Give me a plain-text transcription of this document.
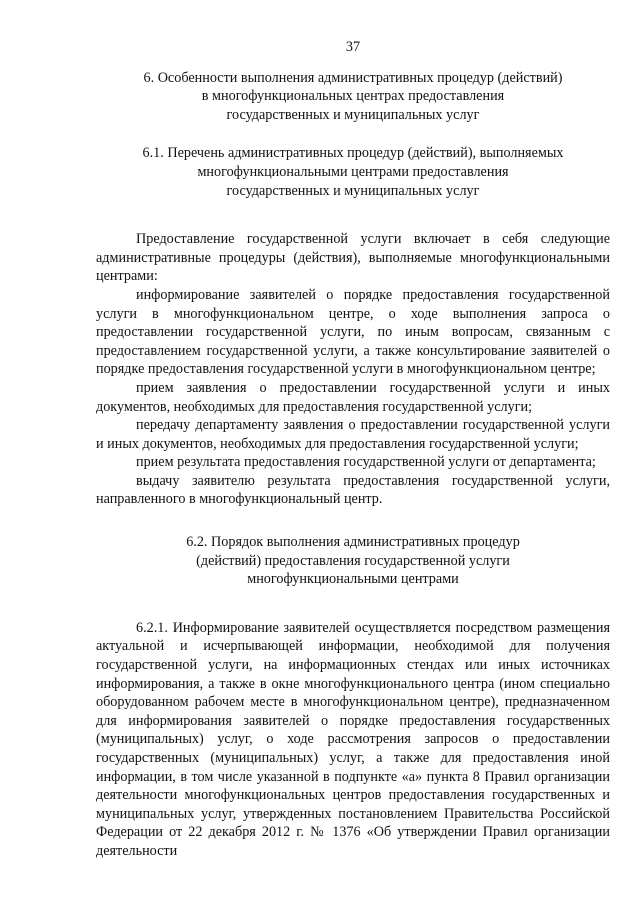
37
6. Особенности выполнения административных процедур (действий)
в многофункциональных центрах предоставления
государственных и муниципальных услуг
6.1. Перечень административных процедур (действий), выполняемых
многофункциональными центрами предоставления
государственных и муниципальных услуг

Предоставление государственной услуги включает в себя следующие административные процедуры (действия), выполняемые многофункциональными центрами:

информирование заявителей о порядке предоставления государственной услуги в многофункциональном центре, о ходе выполнения запроса о предоставлении государственной услуги, по иным вопросам, связанным с предоставлением государственной услуги, а также консультирование заявителей о порядке предоставления государственной услуги в многофункциональном центре;

прием заявления о предоставлении государственной услуги и иных документов, необходимых для предоставления государственной услуги;

передачу департаменту заявления о предоставлении государственной услуги и иных документов, необходимых для предоставления государственной услуги;

прием результата предоставления государственной услуги от департамента;

выдачу заявителю результата предоставления государственной услуги, направленного в многофункциональный центр.

6.2. Порядок выполнения административных процедур
(действий) предоставления государственной услуги
многофункциональными центрами

6.2.1. Информирование заявителей осуществляется посредством размещения актуальной и исчерпывающей информации, необходимой для получения государственной услуги, на информационных стендах или иных источниках информирования, а также в окне многофункционального центра (ином специально оборудованном рабочем месте в многофункциональном центре), предназначенном для информирования заявителей о порядке предоставления государственных (муниципальных) услуг, о ходе рассмотрения запросов о предоставлении государственных (муниципальных) услуг, а также для предоставления иной информации, в том числе указанной в подпункте «а» пункта 8 Правил организации деятельности многофункциональных центров предоставления государственных и муниципальных услуг, утвержденных постановлением Правительства Российской Федерации от 22 декабря 2012 г. № 1376 «Об утверждении Правил организации деятельности
